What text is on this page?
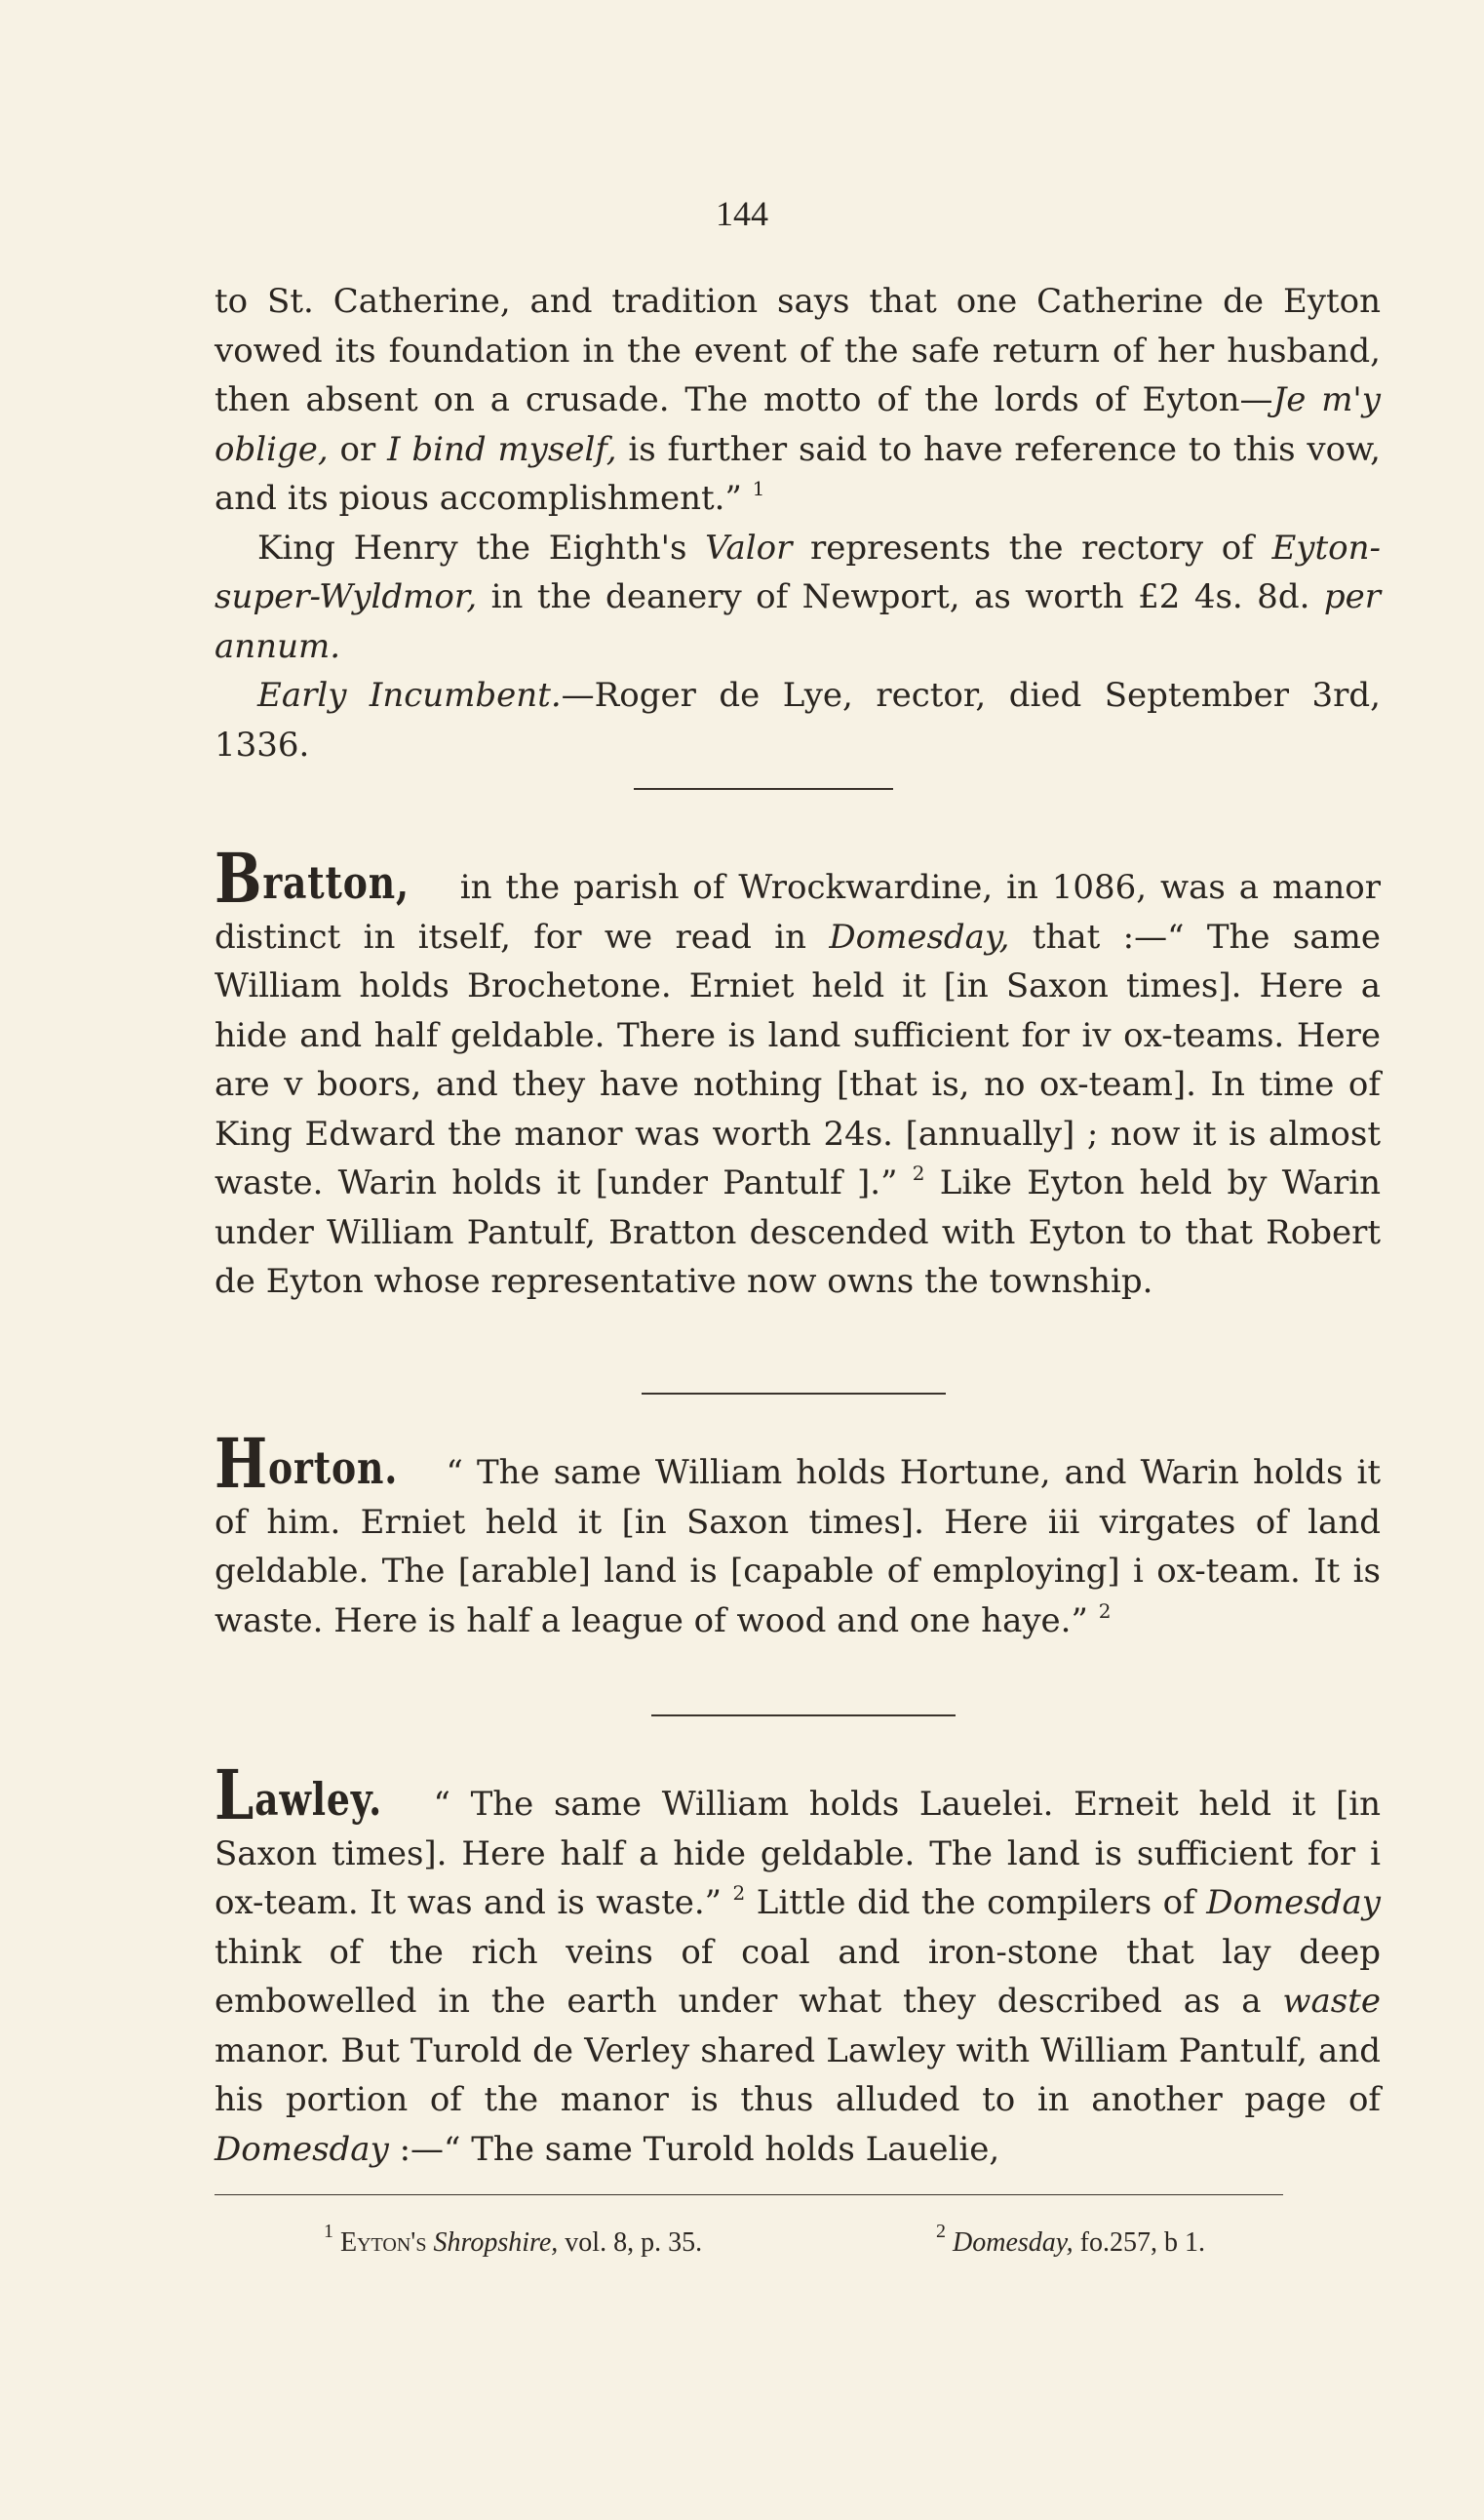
144

to St. Catherine, and tradition says that one Catherine de Eyton vowed its foundation in the event of the safe return of her husband, then absent on a crusade. The motto of the lords of Eyton—Je m'y oblige, or I bind myself, is further said to have reference to this vow, and its pious accomplishment.” $^1$

King Henry the Eighth's Valor represents the rectory of Eyton-super-Wyldmor, in the deanery of Newport, as worth £2 4s. 8d. per annum.

Early Incumbent.—Roger de Lye, rector, died September 3rd, 1336.

Bratton, in the parish of Wrockwardine, in 1086, was a manor distinct in itself, for we read in Domesday, that :—“ The same William holds Brochetone. Erniet held it [in Saxon times]. Here a hide and half geldable. There is land sufficient for iv ox-teams. Here are v boors, and they have nothing [that is, no ox-team]. In time of King Edward the manor was worth 24s. [annually] ; now it is almost waste. Warin holds it [under Pantulf ].” $^2$ Like Eyton held by Warin under William Pantulf, Bratton descended with Eyton to that Robert de Eyton whose representative now owns the township.

Horton. “ The same William holds Hortune, and Warin holds it of him. Erniet held it [in Saxon times]. Here iii virgates of land geldable. The [arable] land is [capable of employing] i ox-team. It is waste. Here is half a league of wood and one haye.” $^2$

Lawley. “ The same William holds Lauelei. Erneit held it [in Saxon times]. Here half a hide geldable. The land is sufficient for i ox-team. It was and is waste.” $^2$ Little did the compilers of Domesday think of the rich veins of coal and iron-stone that lay deep embowelled in the earth under what they described as a waste manor. But Turold de Verley shared Lawley with William Pantulf, and his portion of the manor is thus alluded to in another page of Domesday :—“ The same Turold holds Lauelie,

$^1$ Eyton's Shropshire, vol. 8, p. 35.	$^2$ Domesday, fo.257, b 1.
